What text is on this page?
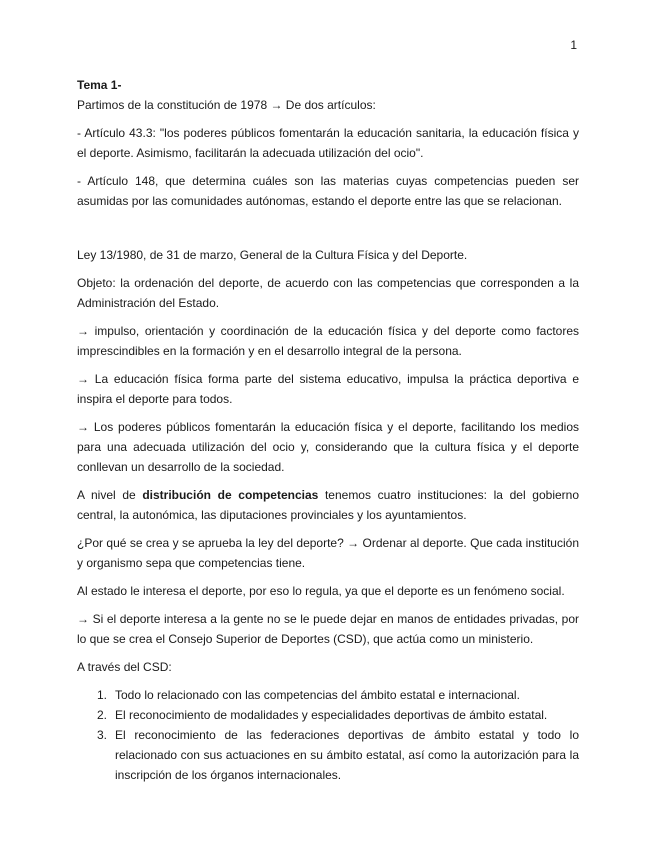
1

Tema 1-

Partimos de la constitución de 1978 → De dos artículos:

- Artículo 43.3: "los poderes públicos fomentarán la educación sanitaria, la educación física y el deporte. Asimismo, facilitarán la adecuada utilización del ocio".

- Artículo 148, que determina cuáles son las materias cuyas competencias pueden ser asumidas por las comunidades autónomas, estando el deporte entre las que se relacionan.

Ley 13/1980, de 31 de marzo, General de la Cultura Física y del Deporte.

Objeto: la ordenación del deporte, de acuerdo con las competencias que corresponden a la Administración del Estado.

→ impulso, orientación y coordinación de la educación física y del deporte como factores imprescindibles en la formación y en el desarrollo integral de la persona.

→ La educación física forma parte del sistema educativo, impulsa la práctica deportiva e inspira el deporte para todos.

→ Los poderes públicos fomentarán la educación física y el deporte, facilitando los medios para una adecuada utilización del ocio y, considerando que la cultura física y el deporte conllevan un desarrollo de la sociedad.

A nivel de distribución de competencias tenemos cuatro instituciones: la del gobierno central, la autonómica, las diputaciones provinciales y los ayuntamientos.

¿Por qué se crea y se aprueba la ley del deporte? → Ordenar al deporte. Que cada institución y organismo sepa que competencias tiene.

Al estado le interesa el deporte, por eso lo regula, ya que el deporte es un fenómeno social.

→ Si el deporte interesa a la gente no se le puede dejar en manos de entidades privadas, por lo que se crea el Consejo Superior de Deportes (CSD), que actúa como un ministerio.

A través del CSD:

1. Todo lo relacionado con las competencias del ámbito estatal e internacional.
2. El reconocimiento de modalidades y especialidades deportivas de ámbito estatal.
3. El reconocimiento de las federaciones deportivas de ámbito estatal y todo lo relacionado con sus actuaciones en su ámbito estatal, así como la autorización para la inscripción de los órganos internacionales.
